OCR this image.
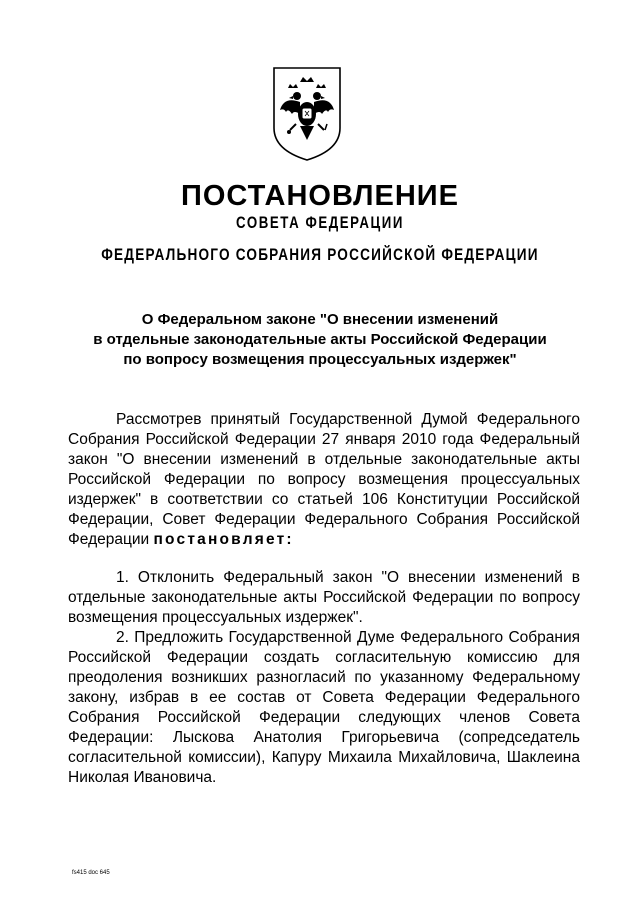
ПОСТАНОВЛЕНИЕ
СОВЕТА ФЕДЕРАЦИИ
ФЕДЕРАЛЬНОГО СОБРАНИЯ РОССИЙСКОЙ ФЕДЕРАЦИИ
О Федеральном законе "О внесении изменений
в отдельные законодательные акты Российской Федерации
по вопросу возмещения процессуальных издержек"

Рассмотрев принятый Государственной Думой Федерального Собрания Российской Федерации 27 января 2010 года Федеральный закон "О внесении изменений в отдельные законодательные акты Российской Федерации по вопросу возмещения процессуальных издержек" в соответствии со статьей 106 Конституции Российской Федерации, Совет Федерации Федерального Собрания Российской Федерации постановляет:

1. Отклонить Федеральный закон "О внесении изменений в отдельные законодательные акты Российской Федерации по вопросу возмещения процессуальных издержек".

2. Предложить Государственной Думе Федерального Собрания Российской Федерации создать согласительную комиссию для преодоления возникших разногласий по указанному Федеральному закону, избрав в ее состав от Совета Федерации Федерального Собрания Российской Федерации следующих членов Совета Федерации: Лыскова Анатолия Григорьевича (сопредседатель согласительной комиссии), Капуру Михаила Михайловича, Шаклеина Николая Ивановича.

fs415 doc 645
